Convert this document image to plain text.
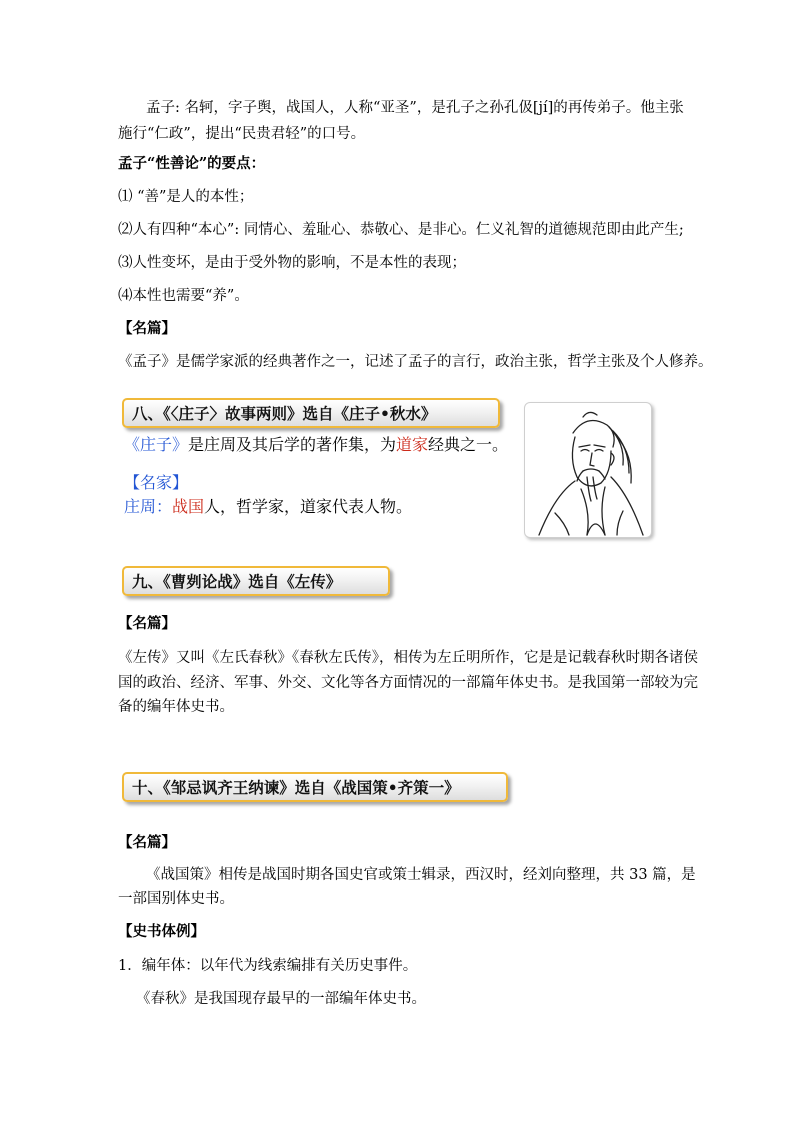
孟子: 名轲，字子舆，战国人，人称“亚圣”，是孔子之孙孔伋[jí]的再传弟子。他主张
施行“仁政”，提出“民贵君轻”的口号。
孟子“性善论”的要点：
⑴ “善”是人的本性；
⑵人有四种“本心”: 同情心、羞耻心、恭敬心、是非心。仁义礼智的道德规范即由此产生;
⑶人性变坏，是由于受外物的影响，不是本性的表现；
⑷本性也需要“养”。
【名篇】
《孟子》是儒学家派的经典著作之一，记述了孟子的言行，政治主张，哲学主张及个人修养。
八、《〈庄子〉故事两则》选自《庄子•秋水》
《庄子》是庄周及其后学的著作集，为道家经典之一。
【名家】
庄周：战国人，哲学家，道家代表人物。
九、《曹刿论战》选自《左传》
【名篇】
《左传》又叫《左氏春秋》《春秋左氏传》，相传为左丘明所作，它是是记载春秋时期各诸侯
国的政治、经济、军事、外交、文化等各方面情况的一部篇年体史书。是我国第一部较为完
备的编年体史书。
十、《邹忌讽齐王纳谏》选自《战国策•齐策一》
【名篇】
《战国策》相传是战国时期各国史官或策士辑录，西汉时，经刘向整理，共 33 篇，是
一部国别体史书。
【史书体例】
1．编年体：以年代为线索编排有关历史事件。
《春秋》是我国现存最早的一部编年体史书。
